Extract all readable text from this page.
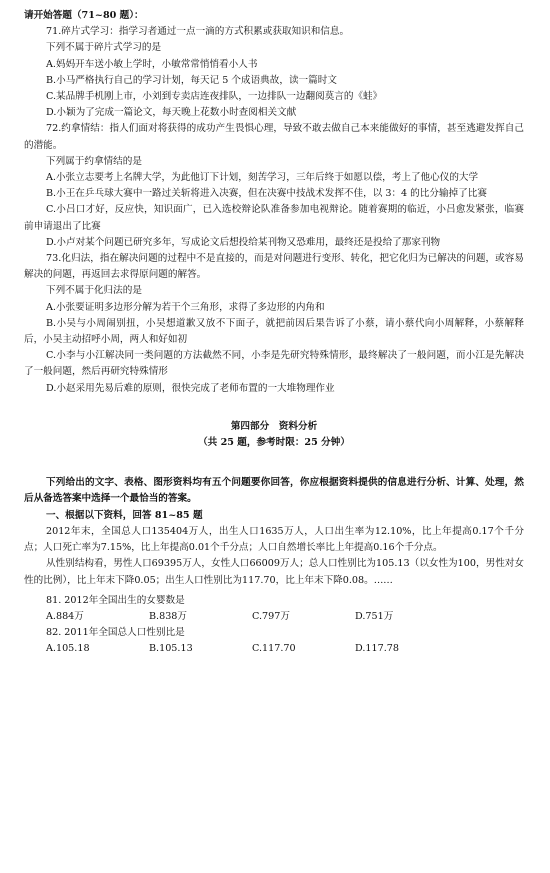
请开始答题（71~80 题）：

71.碎片式学习：指学习者通过一点一滴的方式积累或获取知识和信息。

下列不属于碎片式学习的是

A.妈妈开车送小敏上学时，小敏常常悄悄看小人书

B.小马严格执行自己的学习计划，每天记 5 个成语典故，读一篇时文

C.某品牌手机刚上市，小刘到专卖店连夜排队，一边排队一边翻阅莫言的《蛙》

D.小颖为了完成一篇论文，每天晚上花数小时查阅相关文献

72.约拿情结：指人们面对将获得的成功产生畏惧心理，导致不敢去做自己本来能做好的事情，甚至逃避发挥自己的潜能。

下列属于约拿情结的是

A.小张立志要考上名牌大学，为此他订下计划，刻苦学习，三年后终于如愿以偿，考上了他心仪的大学

B.小王在乒乓球大赛中一路过关斩将进入决赛，但在决赛中技战术发挥不佳，以 3：4 的比分输掉了比赛

C.小吕口才好，反应快，知识面广，已入选校辩论队准备参加电视辩论。随着赛期的临近，小吕愈发紧张，临赛前申请退出了比赛

D.小卢对某个问题已研究多年，写成论文后想投给某刊物又恐难用，最终还是投给了那家刊物

73.化归法，指在解决问题的过程中不是直接的，而是对问题进行变形、转化，把它化归为已解决的问题，或容易解决的问题，再返回去求得原问题的解答。

下列不属于化归法的是

A.小张要证明多边形分解为若干个三角形，求得了多边形的内角和

B.小吴与小周闹别扭，小吴想道歉又放不下面子，就把前因后果告诉了小蔡，请小蔡代向小周解释，小蔡解释后，小吴主动招呼小周，两人和好如初

C.小李与小江解决同一类问题的方法截然不同，小李是先研究特殊情形，最终解决了一般问题，而小江是先解决了一般问题，然后再研究特殊情形

D.小赵采用先易后难的原则，很快完成了老师布置的一大堆物理作业

第四部分　资料分析

（共 25 题，参考时限：25 分钟）

下列给出的文字、表格、图形资料均有五个问题要你回答，你应根据资料提供的信息进行分析、计算、处理，然后从备选答案中选择一个最恰当的答案。

一、根据以下资料，回答 81~85 题

2012年末，全国总人口135404万人，出生人口1635万人，人口出生率为12.10%，比上年提高0.17个千分点；人口死亡率为7.15%，比上年提高0.01个千分点；人口自然增长率比上年提高0.16个千分点。

从性别结构看，男性人口69395万人，女性人口66009万人；总人口性别比为105.13（以女性为100，男性对女性的比例），比上年末下降0.05；出生人口性别比为117.70，比上年末下降0.08。……

81. 2012年全国出生的女婴数是

A.884万	B.838万	C.797万	D.751万

82. 2011年全国总人口性别比是

A.105.18	B.105.13	C.117.70	D.117.78
